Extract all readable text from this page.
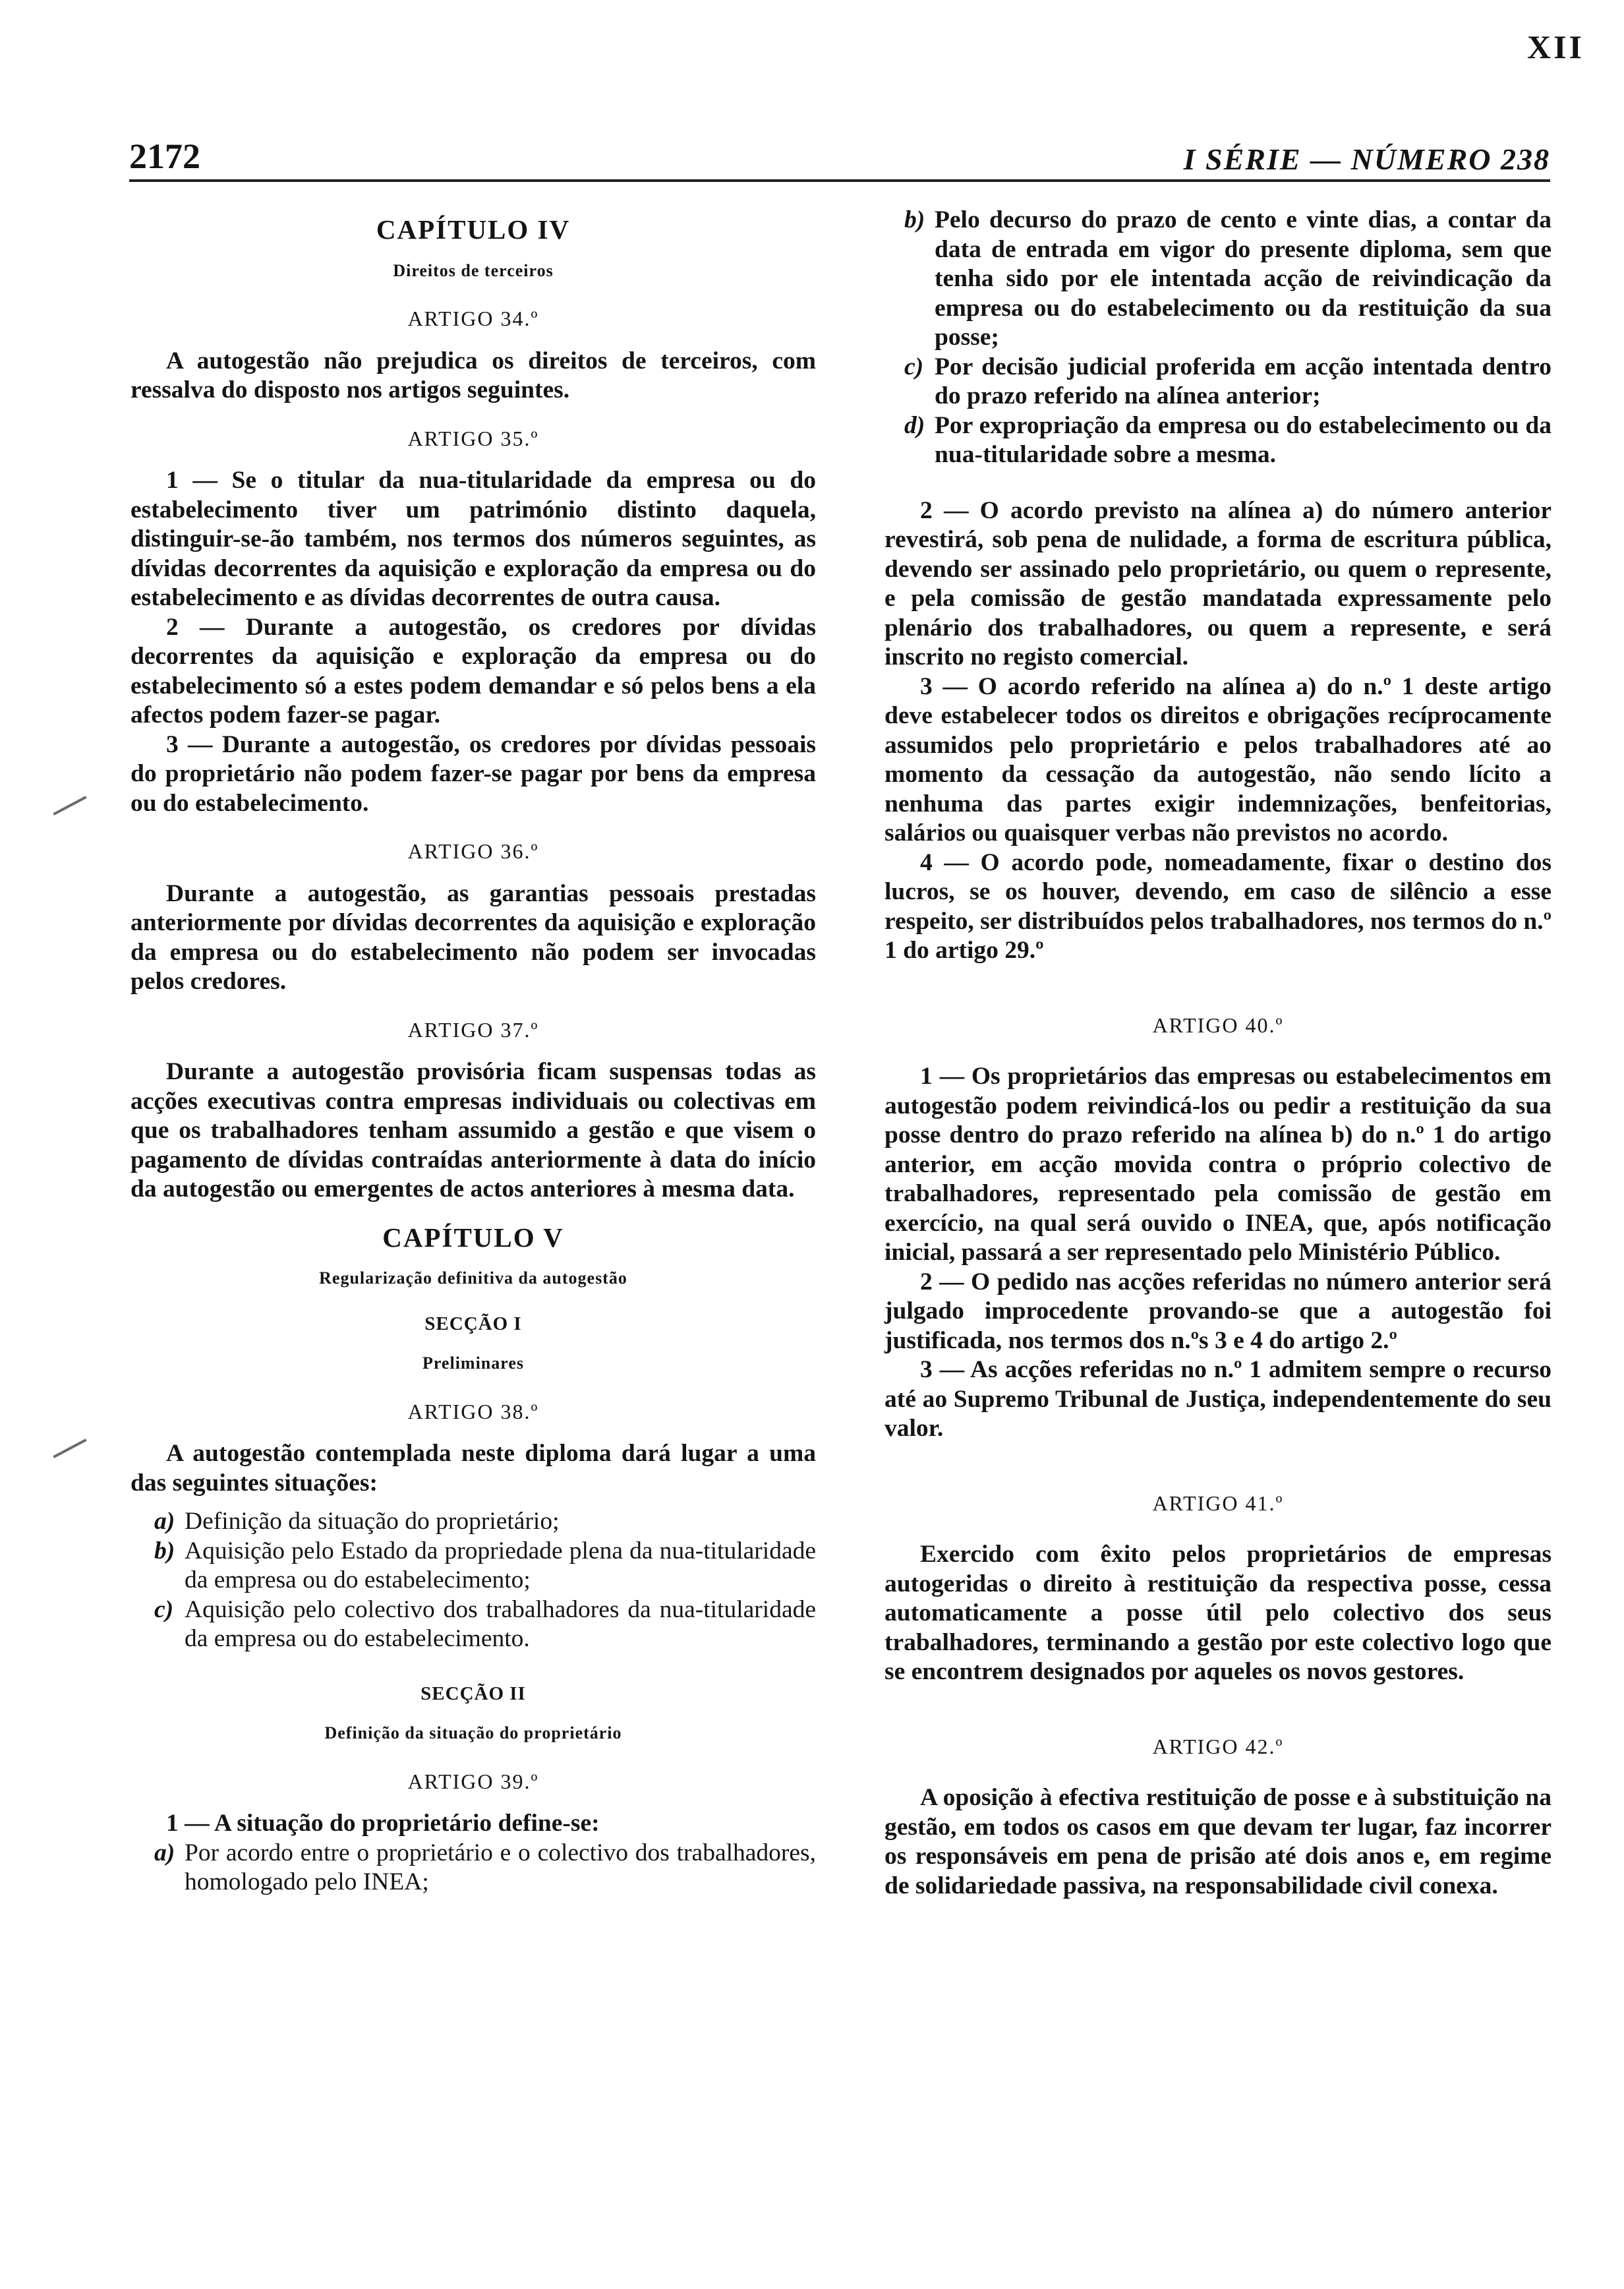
XII
2172	I SÉRIE — NÚMERO 238
CAPÍTULO IV
Direitos de terceiros
ARTIGO 34.º

A autogestão não prejudica os direitos de terceiros, com ressalva do disposto nos artigos seguintes.

ARTIGO 35.º

1 — Se o titular da nua-titularidade da empresa ou do estabelecimento tiver um património distinto daquela, distinguir-se-ão também, nos termos dos números seguintes, as dívidas decorrentes da aquisição e exploração da empresa ou do estabelecimento e as dívidas decorrentes de outra causa.

2 — Durante a autogestão, os credores por dívidas decorrentes da aquisição e exploração da empresa ou do estabelecimento só a estes podem demandar e só pelos bens a ela afectos podem fazer-se pagar.

3 — Durante a autogestão, os credores por dívidas pessoais do proprietário não podem fazer-se pagar por bens da empresa ou do estabelecimento.

ARTIGO 36.º

Durante a autogestão, as garantias pessoais prestadas anteriormente por dívidas decorrentes da aquisição e exploração da empresa ou do estabelecimento não podem ser invocadas pelos credores.

ARTIGO 37.º

Durante a autogestão provisória ficam suspensas todas as acções executivas contra empresas individuais ou colectivas em que os trabalhadores tenham assumido a gestão e que visem o pagamento de dívidas contraídas anteriormente à data do início da autogestão ou emergentes de actos anteriores à mesma data.

CAPÍTULO V
Regularização definitiva da autogestão
SECÇÃO I
Preliminares
ARTIGO 38.º

A autogestão contemplada neste diploma dará lugar a uma das seguintes situações:

a) Definição da situação do proprietário;
b) Aquisição pelo Estado da propriedade plena da nua-titularidade da empresa ou do estabelecimento;
c) Aquisição pelo colectivo dos trabalhadores da nua-titularidade da empresa ou do estabelecimento.
SECÇÃO II
Definição da situação do proprietário
ARTIGO 39.º

1 — A situação do proprietário define-se:

a) Por acordo entre o proprietário e o colectivo dos trabalhadores, homologado pelo INEA;
b) Pelo decurso do prazo de cento e vinte dias, a contar da data de entrada em vigor do presente diploma, sem que tenha sido por ele intentada acção de reivindicação da empresa ou do estabelecimento ou da restituição da sua posse;
c) Por decisão judicial proferida em acção intentada dentro do prazo referido na alínea anterior;
d) Por expropriação da empresa ou do estabelecimento ou da nua-titularidade sobre a mesma.

2 — O acordo previsto na alínea a) do número anterior revestirá, sob pena de nulidade, a forma de escritura pública, devendo ser assinado pelo proprietário, ou quem o represente, e pela comissão de gestão mandatada expressamente pelo plenário dos trabalhadores, ou quem a represente, e será inscrito no registo comercial.

3 — O acordo referido na alínea a) do n.º 1 deste artigo deve estabelecer todos os direitos e obrigações recíprocamente assumidos pelo proprietário e pelos trabalhadores até ao momento da cessação da autogestão, não sendo lícito a nenhuma das partes exigir indemnizações, benfeitorias, salários ou quaisquer verbas não previstos no acordo.

4 — O acordo pode, nomeadamente, fixar o destino dos lucros, se os houver, devendo, em caso de silêncio a esse respeito, ser distribuídos pelos trabalhadores, nos termos do n.º 1 do artigo 29.º

ARTIGO 40.º

1 — Os proprietários das empresas ou estabelecimentos em autogestão podem reivindicá-los ou pedir a restituição da sua posse dentro do prazo referido na alínea b) do n.º 1 do artigo anterior, em acção movida contra o próprio colectivo de trabalhadores, representado pela comissão de gestão em exercício, na qual será ouvido o INEA, que, após notificação inicial, passará a ser representado pelo Ministério Público.

2 — O pedido nas acções referidas no número anterior será julgado improcedente provando-se que a autogestão foi justificada, nos termos dos n.ºs 3 e 4 do artigo 2.º

3 — As acções referidas no n.º 1 admitem sempre o recurso até ao Supremo Tribunal de Justiça, independentemente do seu valor.

ARTIGO 41.º

Exercido com êxito pelos proprietários de empresas autogeridas o direito à restituição da respectiva posse, cessa automaticamente a posse útil pelo colectivo dos seus trabalhadores, terminando a gestão por este colectivo logo que se encontrem designados por aqueles os novos gestores.

ARTIGO 42.º

A oposição à efectiva restituição de posse e à substituição na gestão, em todos os casos em que devam ter lugar, faz incorrer os responsáveis em pena de prisão até dois anos e, em regime de solidariedade passiva, na responsabilidade civil conexa.
